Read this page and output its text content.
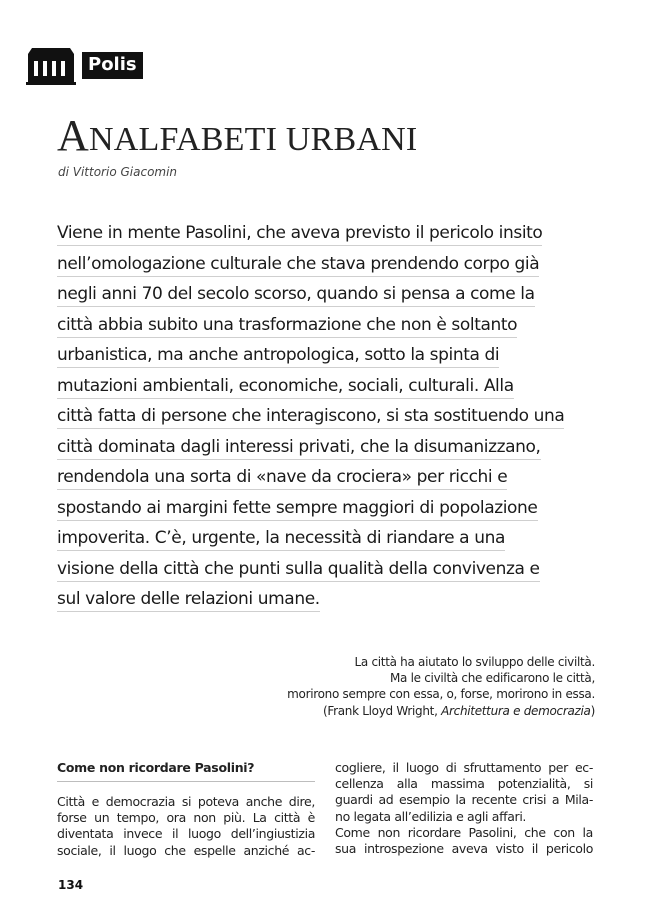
Polis
ANALFABETI URBANI
di Vittorio Giacomin
Viene in mente Pasolini, che aveva previsto il pericolo insito
nell’omologazione culturale che stava prendendo corpo già
negli anni 70 del secolo scorso, quando si pensa a come la
città abbia subito una trasformazione che non è soltanto
urbanistica, ma anche antropologica, sotto la spinta di
mutazioni ambientali, economiche, sociali, culturali. Alla
città fatta di persone che interagiscono, si sta sostituendo una
città dominata dagli interessi privati, che la disumanizzano,
rendendola una sorta di «nave da crociera» per ricchi e
spostando ai margini fette sempre maggiori di popolazione
impoverita. C’è, urgente, la necessità di riandare a una
visione della città che punti sulla qualità della convivenza e
sul valore delle relazioni umane.
La città ha aiutato lo sviluppo delle civiltà.
Ma le civiltà che edificarono le città,
morirono sempre con essa, o, forse, morirono in essa.
(Frank Lloyd Wright, Architettura e democrazia)
Come non ricordare Pasolini?
Città e democrazia si poteva anche dire,
forse un tempo, ora non più. La città è
diventata invece il luogo dell’ingiustizia
sociale, il luogo che espelle anziché ac-
cogliere, il luogo di sfruttamento per ec-
cellenza alla massima potenzialità, si
guardi ad esempio la recente crisi a Mila-
no legata all’edilizia e agli affari.
Come non ricordare Pasolini, che con la
sua introspezione aveva visto il pericolo
134
